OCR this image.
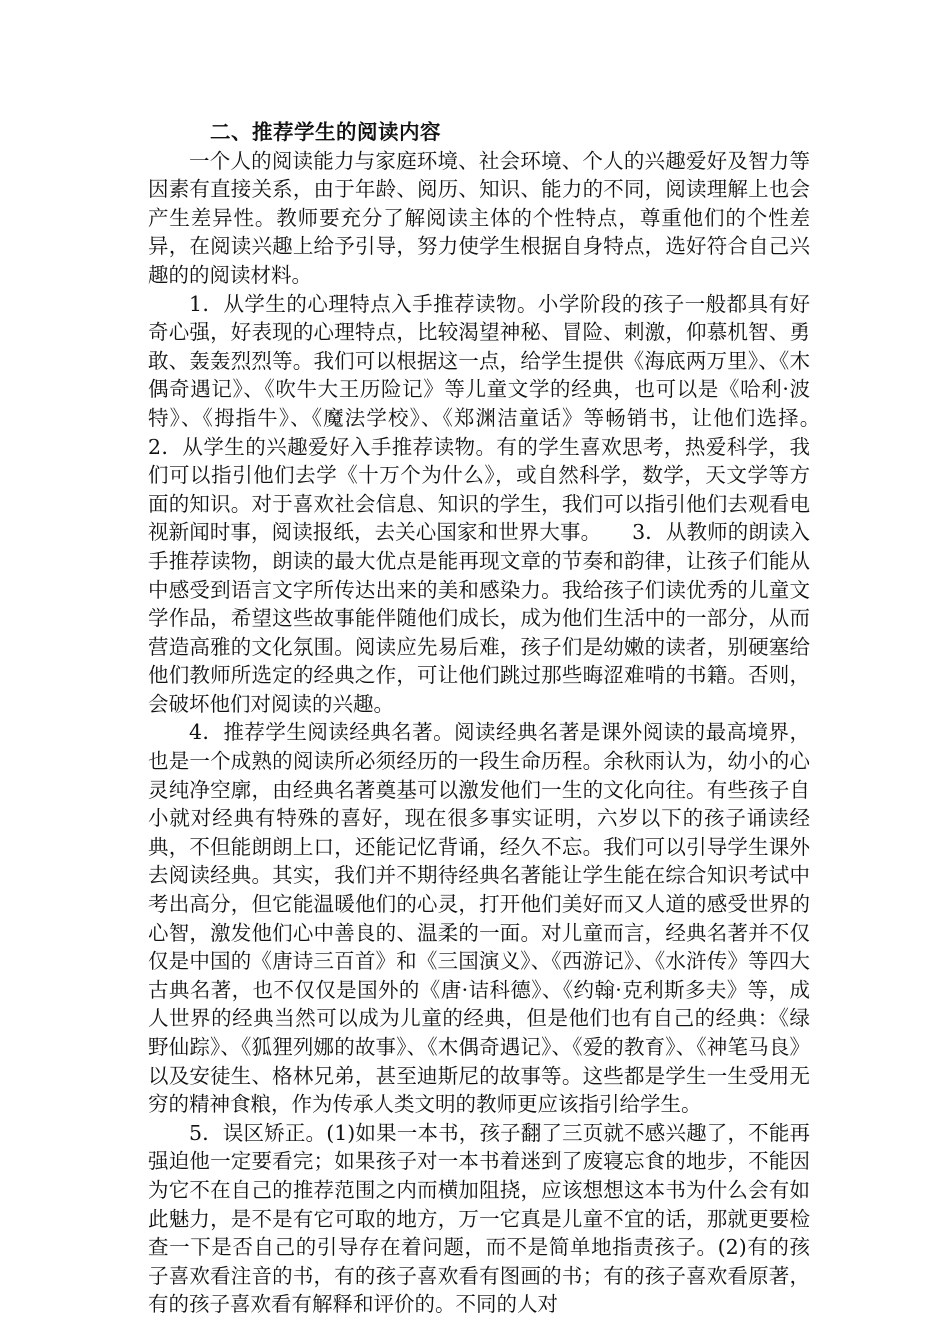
二、推荐学生的阅读内容

一个人的阅读能力与家庭环境、社会环境、个人的兴趣爱好及智力等因素有直接关系，由于年龄、阅历、知识、能力的不同，阅读理解上也会产生差异性。教师要充分了解阅读主体的个性特点，尊重他们的个性差异，在阅读兴趣上给予引导，努力使学生根据自身特点，选好符合自己兴趣的的阅读材料。

1．从学生的心理特点入手推荐读物。小学阶段的孩子一般都具有好奇心强，好表现的心理特点，比较渴望神秘、冒险、刺激，仰慕机智、勇敢、轰轰烈烈等。我们可以根据这一点，给学生提供《海底两万里》、《木偶奇遇记》、《吹牛大王历险记》等儿童文学的经典，也可以是《哈利·波特》、《拇指牛》、《魔法学校》、《郑渊洁童话》等畅销书，让他们选择。　　　2．从学生的兴趣爱好入手推荐读物。有的学生喜欢思考，热爱科学，我们可以指引他们去学《十万个为什么》，或自然科学，数学，天文学等方面的知识。对于喜欢社会信息、知识的学生，我们可以指引他们去观看电视新闻时事，阅读报纸，去关心国家和世界大事。　　3．从教师的朗读入手推荐读物，朗读的最大优点是能再现文章的节奏和韵律，让孩子们能从中感受到语言文字所传达出来的美和感染力。我给孩子们读优秀的儿童文学作品，希望这些故事能伴随他们成长，成为他们生活中的一部分，从而营造高雅的文化氛围。阅读应先易后难，孩子们是幼嫩的读者，别硬塞给他们教师所选定的经典之作，可让他们跳过那些晦涩难啃的书籍。否则，会破坏他们对阅读的兴趣。

4．推荐学生阅读经典名著。阅读经典名著是课外阅读的最高境界，也是一个成熟的阅读所必须经历的一段生命历程。余秋雨认为，幼小的心灵纯净空廓，由经典名著奠基可以激发他们一生的文化向往。有些孩子自小就对经典有特殊的喜好，现在很多事实证明，六岁以下的孩子诵读经典，不但能朗朗上口，还能记忆背诵，经久不忘。我们可以引导学生课外去阅读经典。其实，我们并不期待经典名著能让学生能在综合知识考试中考出高分，但它能温暖他们的心灵，打开他们美好而又人道的感受世界的心智，激发他们心中善良的、温柔的一面。对儿童而言，经典名著并不仅仅是中国的《唐诗三百首》和《三国演义》、《西游记》、《水浒传》等四大古典名著，也不仅仅是国外的《唐·诘科德》、《约翰·克利斯多夫》等，成人世界的经典当然可以成为儿童的经典，但是他们也有自己的经典：《绿野仙踪》、《狐狸列娜的故事》、《木偶奇遇记》、《爱的教育》、《神笔马良》以及安徒生、格林兄弟，甚至迪斯尼的故事等。这些都是学生一生受用无穷的精神食粮，作为传承人类文明的教师更应该指引给学生。

5．误区矫正。(1)如果一本书，孩子翻了三页就不感兴趣了，不能再强迫他一定要看完；如果孩子对一本书着迷到了废寝忘食的地步，不能因为它不在自己的推荐范围之内而横加阻挠，应该想想这本书为什么会有如此魅力，是不是有它可取的地方，万一它真是儿童不宜的话，那就更要检查一下是否自己的引导存在着问题，而不是简单地指责孩子。(2)有的孩子喜欢看注音的书，有的孩子喜欢看有图画的书；有的孩子喜欢看原著，有的孩子喜欢看有解释和评价的。不同的人对
